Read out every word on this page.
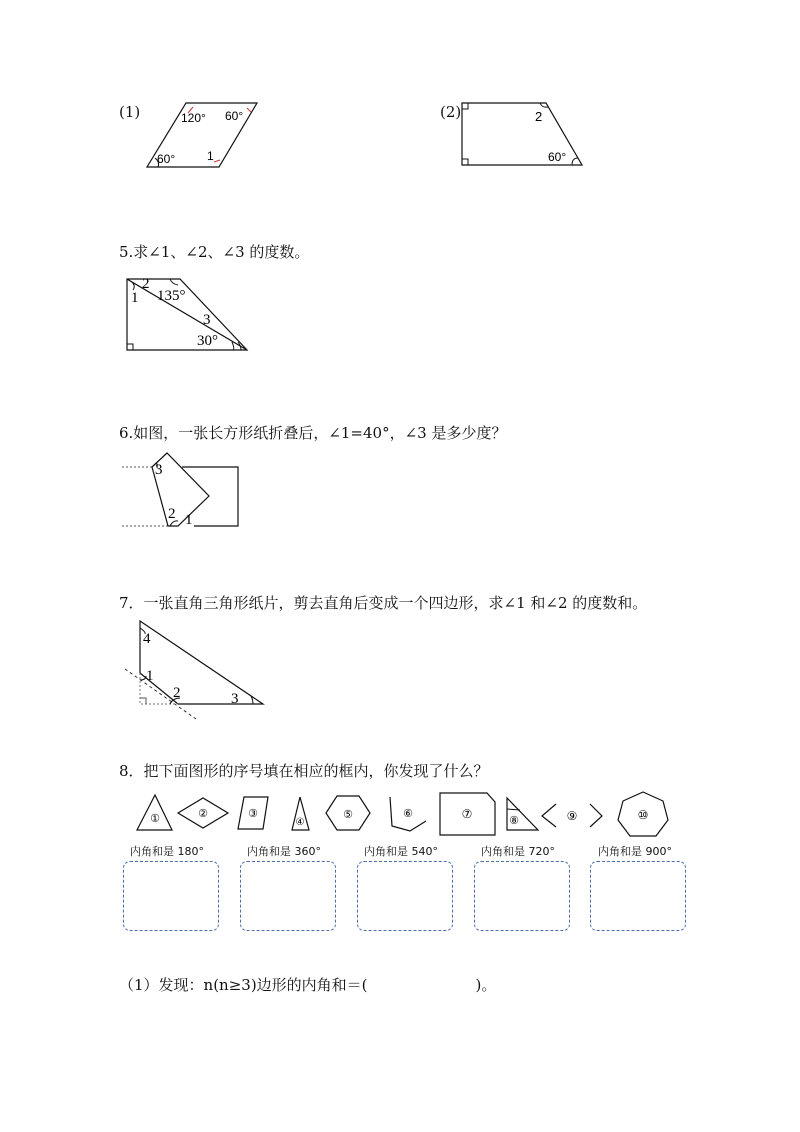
(1)	120° 60°
60°	1
(2)	2
60°
5.求∠1、∠2、∠3 的度数。
2
1 135°
3
30°
6.如图，一张长方形纸折叠后，∠1=40°，∠3 是多少度？
3
2 1
7．一张直角三角形纸片，剪去直角后变成一个四边形，求∠1 和∠2 的度数和。
4
1
2	3
8．把下面图形的序号填在相应的框内，你发现了什么？
①	②	③
④
⑤	⑥	⑦	⑧	⑨	⑩
内角和是 180°	内角和是 360°	内角和是 540°	内角和是 720°	内角和是 900°
（1）发现：n(n≥3)边形的内角和＝(	)。
